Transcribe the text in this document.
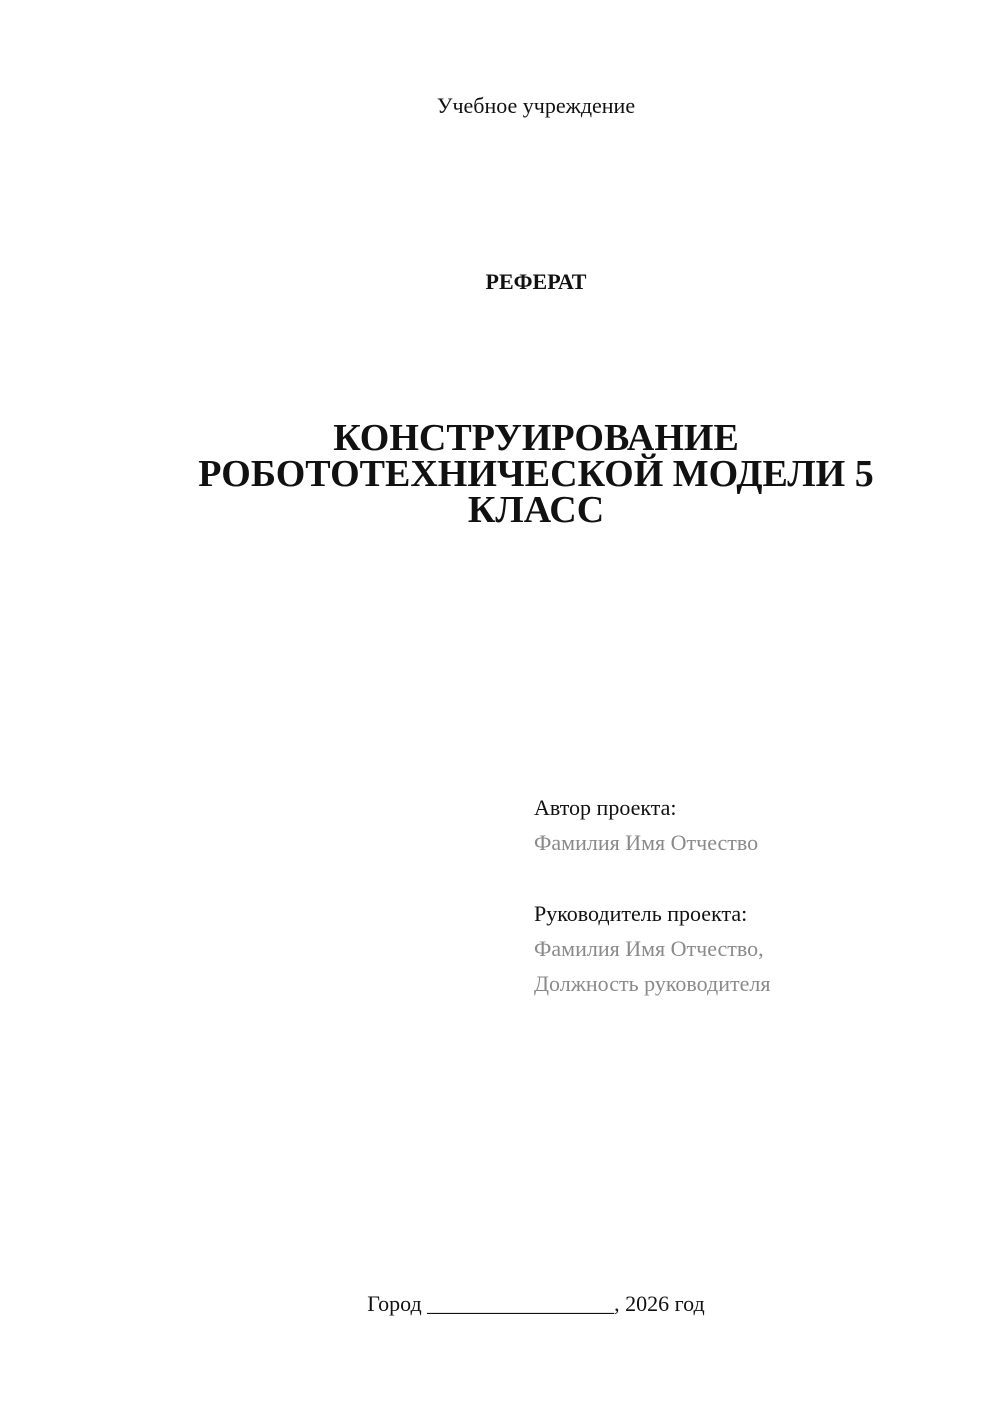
Учебное учреждение
РЕФЕРАТ
КОНСТРУИРОВАНИЕ
РОБОТОТЕХНИЧЕСКОЙ МОДЕЛИ 5
КЛАСС
Автор проекта:
Фамилия Имя Отчество
Руководитель проекта:
Фамилия Имя Отчество,
Должность руководителя
Город _________________, 2026 год
